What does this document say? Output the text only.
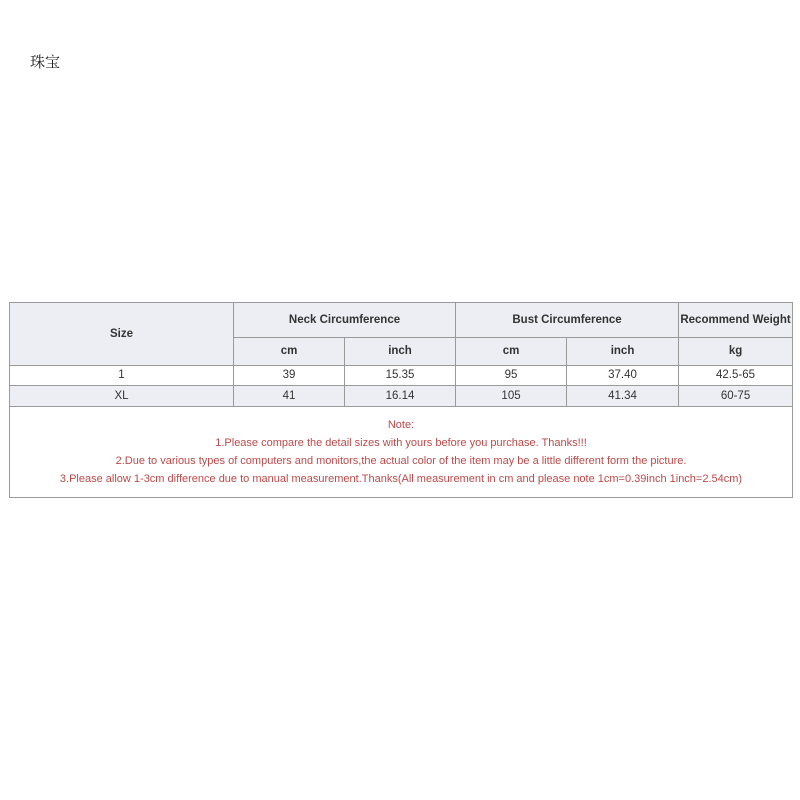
珠宝
Size	Neck Circumference		Bust Circumference		Recommend Weight
	cm	inch	cm	inch	kg
1	39	15.35	95	37.40	42.5-65
XL	41	16.14	105	41.34	60-75

Note:
1.Please compare the detail sizes with yours before you purchase. Thanks!!!
2.Due to various types of computers and monitors,the actual color of the item may be a little different form the picture.
3.Please allow 1-3cm difference due to manual measurement.Thanks(All measurement in cm and please note 1cm=0.39inch 1inch=2.54cm)					
